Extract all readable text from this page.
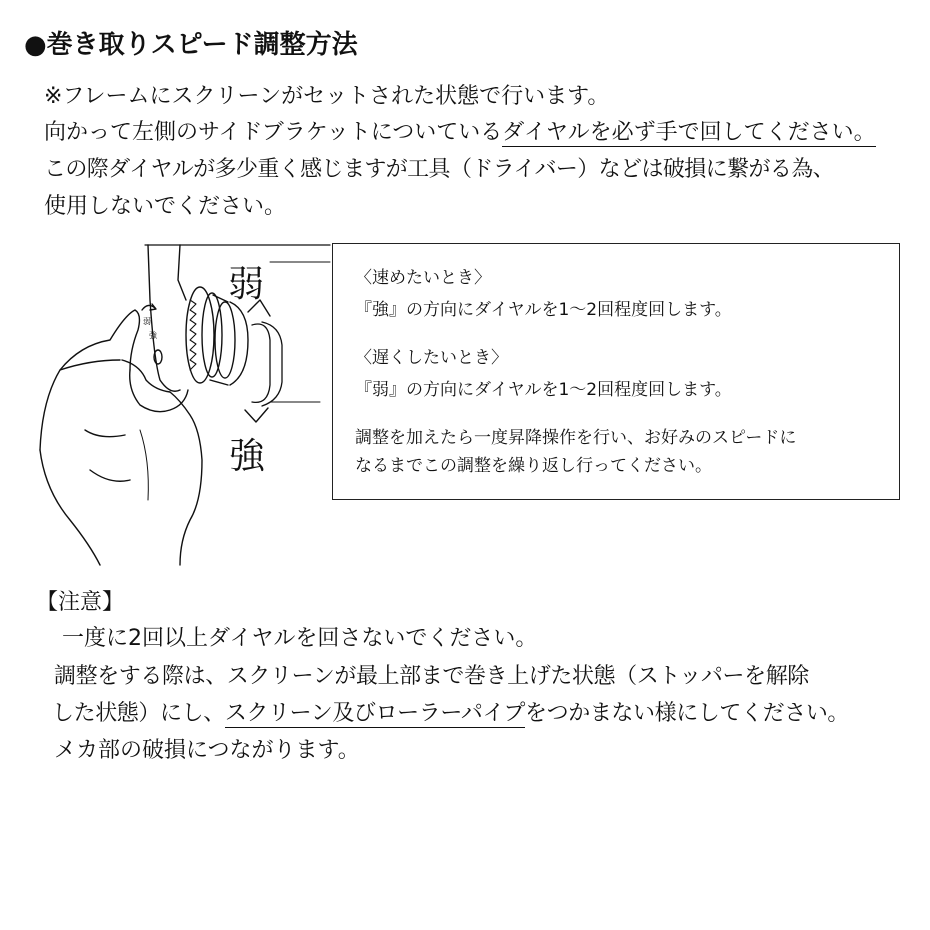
●巻き取りスピード調整方法
※フレームにスクリーンがセットされた状態で行います。
向かって左側のサイドブラケットについているダイヤルを必ず手で回してください。
この際ダイヤルが多少重く感じますが工具（ドライバー）などは破損に繋がる為、
使用しないでください。
弱
強
弱
強
〈速めたいとき〉
『強』の方向にダイヤルを1～2回程度回します。
〈遅くしたいとき〉
『弱』の方向にダイヤルを1～2回程度回します。
調整を加えたら一度昇降操作を行い、お好みのスピードに
なるまでこの調整を繰り返し行ってください。
【注意】
一度に2回以上ダイヤルを回さないでください。
調整をする際は、スクリーンが最上部まで巻き上げた状態（ストッパーを解除
した状態）にし、スクリーン及びローラーパイプをつかまない様にしてください。
メカ部の破損につながります。
